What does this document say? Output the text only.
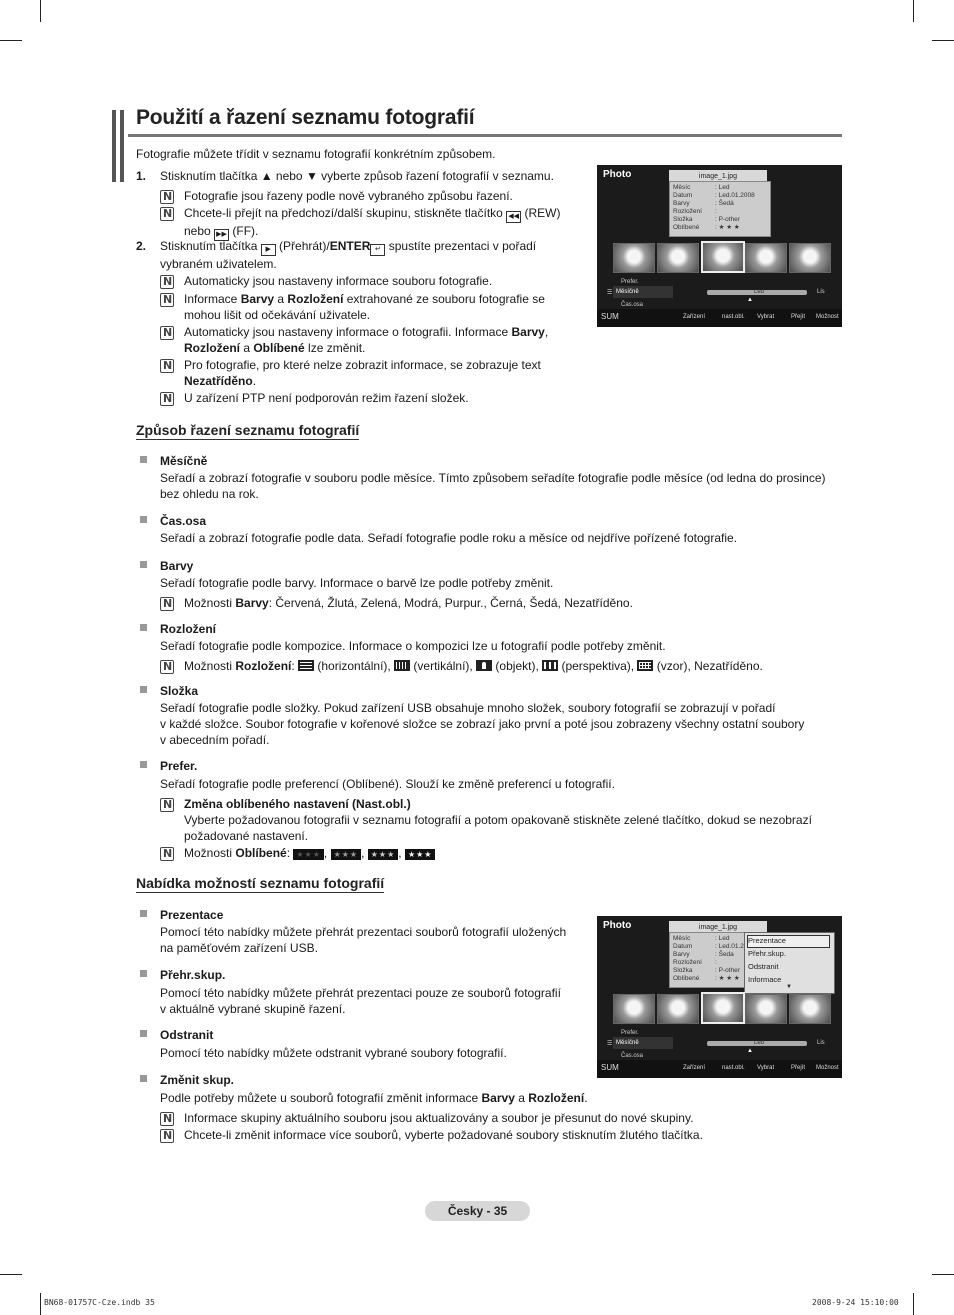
Použití a řazení seznamu fotografií
Fotografie můžete třídit v seznamu fotografií konkrétním způsobem.
1. Stisknutím tlačítka ▲ nebo ▼ vyberte způsob řazení fotografií v seznamu.
N
Fotografie jsou řazeny podle nově vybraného způsobu řazení.
N
Chcete-li přejít na předchozí/další skupinu, stiskněte tlačítko ◀◀ (REW)
nebo ▶▶ (FF).
2. Stisknutím tlačítka ▶ (Přehrát)/ENTER ↵ spustíte prezentaci v pořadí
vybraném uživatelem.
N
Automaticky jsou nastaveny informace souboru fotografie.
N
Informace Barvy a Rozložení extrahované ze souboru fotografie se
mohou lišit od očekávání uživatele.
N
Automaticky jsou nastaveny informace o fotografii. Informace Barvy,
Rozložení a Oblíbené lze změnit.
N
Pro fotografie, pro které nelze zobrazit informace, se zobrazuje text
Nezatříděno.
N
U zařízení PTP není podporován režim řazení složek.
Photo	image_1.jpg
Měsíc	: Led
Datum	: Led.01.2008
Barvy	: Šedá
Rozložení :
Složka	: P-other
Oblíbené : ★ ★ ★
Prefer.
☰ Měsíčně
Čas.osa
Led	Lis
▲
SUM	Zařízení	nast.obl. Vybrat	Přejít Možnost
Způsob řazení seznamu fotografií
Měsíčně
Seřadí a zobrazí fotografie v souboru podle měsíce. Tímto způsobem seřadíte fotografie podle měsíce (od ledna do prosince)
bez ohledu na rok.
Čas.osa
Seřadí a zobrazí fotografie podle data. Seřadí fotografie podle roku a měsíce od nejdříve pořízené fotografie.
Barvy
Seřadí fotografie podle barvy. Informace o barvě lze podle potřeby změnit.
N
Možnosti Barvy: Červená, Žlutá, Zelená, Modrá, Purpur., Černá, Šedá, Nezatříděno.
Rozložení
Seřadí fotografie podle kompozice. Informace o kompozici lze u fotografií podle potřeby změnit.
N
Možnosti Rozložení:  (horizontální),  (vertikální),  (objekt),  (perspektiva),  (vzor), Nezatříděno.
Složka
Seřadí fotografie podle složky. Pokud zařízení USB obsahuje mnoho složek, soubory fotografií se zobrazují v pořadí
v každé složce. Soubor fotografie v kořenové složce se zobrazí jako první a poté jsou zobrazeny všechny ostatní soubory
v abecedním pořadí.
Prefer.
Seřadí fotografie podle preferencí (Oblíbené). Slouží ke změně preferencí u fotografií.
N
Změna oblíbeného nastavení (Nast.obl.)
Vyberte požadovanou fotografii v seznamu fotografií a potom opakovaně stiskněte zelené tlačítko, dokud se nezobrazí
požadované nastavení.
N
Možnosti Oblíbené: ★★★ , ★★★ , ★★★ , ★★★
Nabídka možností seznamu fotografií
Prezentace
Pomocí této nabídky můžete přehrát prezentaci souborů fotografií uložených
na paměťovém zařízení USB.
Přehr.skup.
Pomocí této nabídky můžete přehrát prezentaci pouze ze souborů fotografií
v aktuálně vybrané skupině řazení.
Odstranit
Pomocí této nabídky můžete odstranit vybrané soubory fotografií.
Změnit skup.
Podle potřeby můžete u souborů fotografií změnit informace Barvy a Rozložení.
N
Informace skupiny aktuálního souboru jsou aktualizovány a soubor je přesunut do nové skupiny.
N
Chcete-li změnit informace více souborů, vyberte požadované soubory stisknutím žlutého tlačítka.
Photo	image_1.jpg
Měsíc	: Led
Datum	: Led.01.2
Barvy	: Šeda
Rozložení :
Složka	: P-other
Oblíbené : ★ ★ ★
Prezentace
Přehr.skup.
Odstranit
Informace
▼
Prefer.
☰ Měsíčně
Čas.osa
Led	Lis
▲
SUM	Zařízení	nast.obl. Vybrat	Přejít Možnost
Česky - 35
BN68-01757C-Cze.indb 35	2008-9-24 15:10:00
